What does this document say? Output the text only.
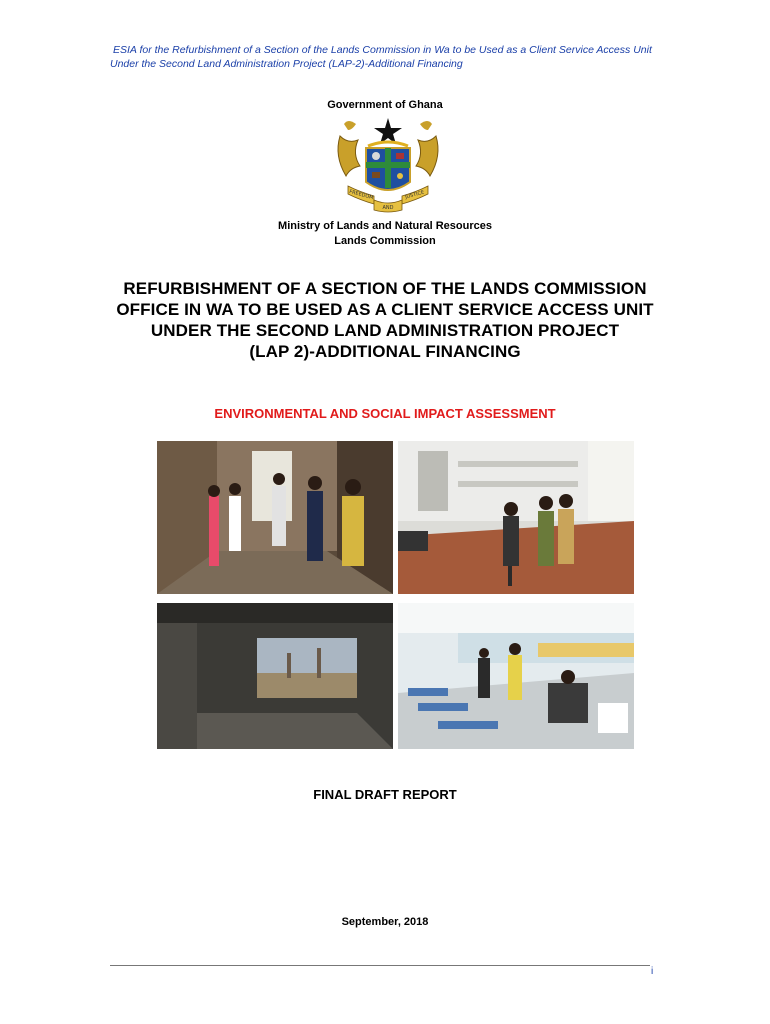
ESIA for the Refurbishment of a Section of the Lands Commission in Wa to be Used as a Client Service Access Unit
Under the Second Land Administration Project (LAP-2)-Additional Financing
Government of Ghana
FREEDOM	JUSTICE
AND
Ministry of Lands and Natural Resources
Lands Commission
REFURBISHMENT OF A SECTION OF THE LANDS COMMISSION
OFFICE IN WA TO BE USED AS A CLIENT SERVICE ACCESS UNIT
UNDER THE SECOND LAND ADMINISTRATION PROJECT
(LAP 2)-ADDITIONAL FINANCING
ENVIRONMENTAL AND SOCIAL IMPACT ASSESSMENT
FINAL DRAFT REPORT
September, 2018
i
